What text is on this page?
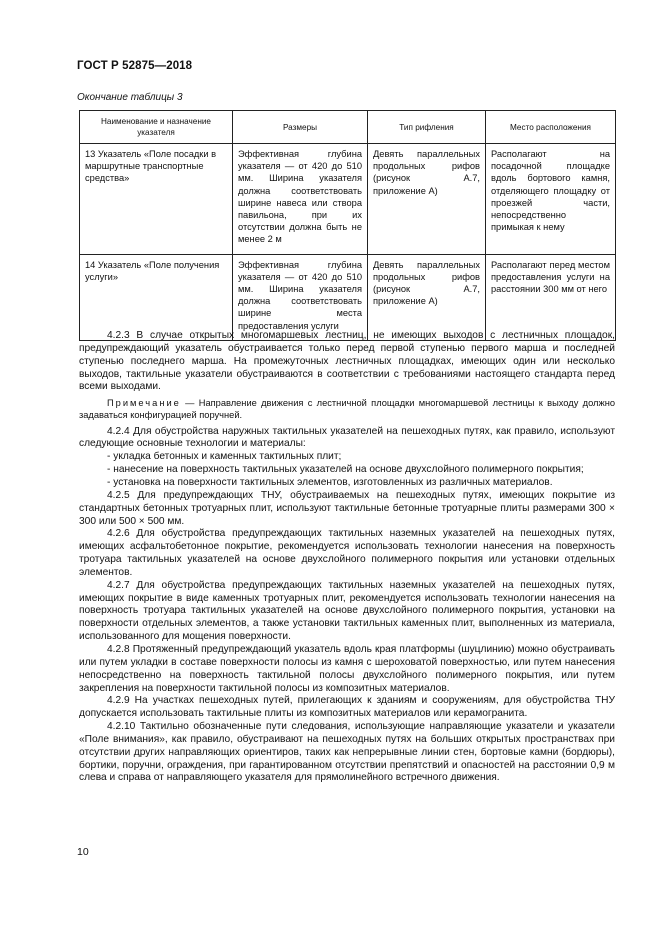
ГОСТ Р 52875—2018
Окончание таблицы 3
Наименование и назначение указателя	Размеры	Тип рифления	Место расположения
13 Указатель «Поле посадки в маршрутные транспортные средства»	Эффективная глубина указателя — от 420 до 510 мм. Ширина указателя должна соответствовать ширине навеса или створа павильона, при их отсутствии должна быть не менее 2 м	Девять параллельных продольных рифов (рисунок А.7, приложение А)	Располагают на посадочной площадке вдоль бортового камня, отделяющего площадку от проезжей части, непосредственно примыкая к нему
14 Указатель «Поле получения услуги»	Эффективная глубина указателя — от 420 до 510 мм. Ширина указателя должна соответствовать ширине места предоставления услуги	Девять параллельных продольных рифов (рисунок А.7, приложение А)	Располагают перед местом предоставления услуги на расстоянии 300 мм от него

4.2.3 В случае открытых многомаршевых лестниц, не имеющих выходов с лестничных площадок, предупреждающий указатель обустраивается только перед первой ступенью первого марша и последней ступенью последнего марша. На промежуточных лестничных площадках, имеющих один или несколько выходов, тактильные указатели обустраиваются в соответствии с требованиями настоящего стандарта перед всеми выходами.

Примечание — Направление движения с лестничной площадки многомаршевой лестницы к выходу должно задаваться конфигурацией поручней.

4.2.4 Для обустройства наружных тактильных указателей на пешеходных путях, как правило, используют следующие основные технологии и материалы:

- укладка бетонных и каменных тактильных плит;

- нанесение на поверхность тактильных указателей на основе двухслойного полимерного покрытия;

- установка на поверхности тактильных элементов, изготовленных из различных материалов.

4.2.5 Для предупреждающих ТНУ, обустраиваемых на пешеходных путях, имеющих покрытие из стандартных бетонных тротуарных плит, используют тактильные бетонные тротуарные плиты размерами 300 × 300 или 500 × 500 мм.

4.2.6 Для обустройства предупреждающих тактильных наземных указателей на пешеходных путях, имеющих асфальтобетонное покрытие, рекомендуется использовать технологии нанесения на поверхность тротуара тактильных указателей на основе двухслойного полимерного покрытия или установки отдельных элементов.

4.2.7 Для обустройства предупреждающих тактильных наземных указателей на пешеходных путях, имеющих покрытие в виде каменных тротуарных плит, рекомендуется использовать технологии нанесения на поверхность тротуара тактильных указателей на основе двухслойного полимерного покрытия, установки на поверхности отдельных элементов, а также установки тактильных каменных плит, выполненных из материала, использованного для мощения поверхности.

4.2.8 Протяженный предупреждающий указатель вдоль края платформы (шуцлинию) можно обустраивать или путем укладки в составе поверхности полосы из камня с шероховатой поверхностью, или путем нанесения непосредственно на поверхность тактильной полосы двухслойного полимерного покрытия, или путем закрепления на поверхности тактильной полосы из композитных материалов.

4.2.9 На участках пешеходных путей, прилегающих к зданиям и сооружениям, для обустройства ТНУ допускается использовать тактильные плиты из композитных материалов или керамогранита.

4.2.10 Тактильно обозначенные пути следования, использующие направляющие указатели и указатели «Поле внимания», как правило, обустраивают на пешеходных путях на больших открытых пространствах при отсутствии других направляющих ориентиров, таких как непрерывные линии стен, бортовые камни (бордюры), бортики, поручни, ограждения, при гарантированном отсутствии препятствий и опасностей на расстоянии 0,9 м слева и справа от направляющего указателя для прямолинейного встречного движения.

10
